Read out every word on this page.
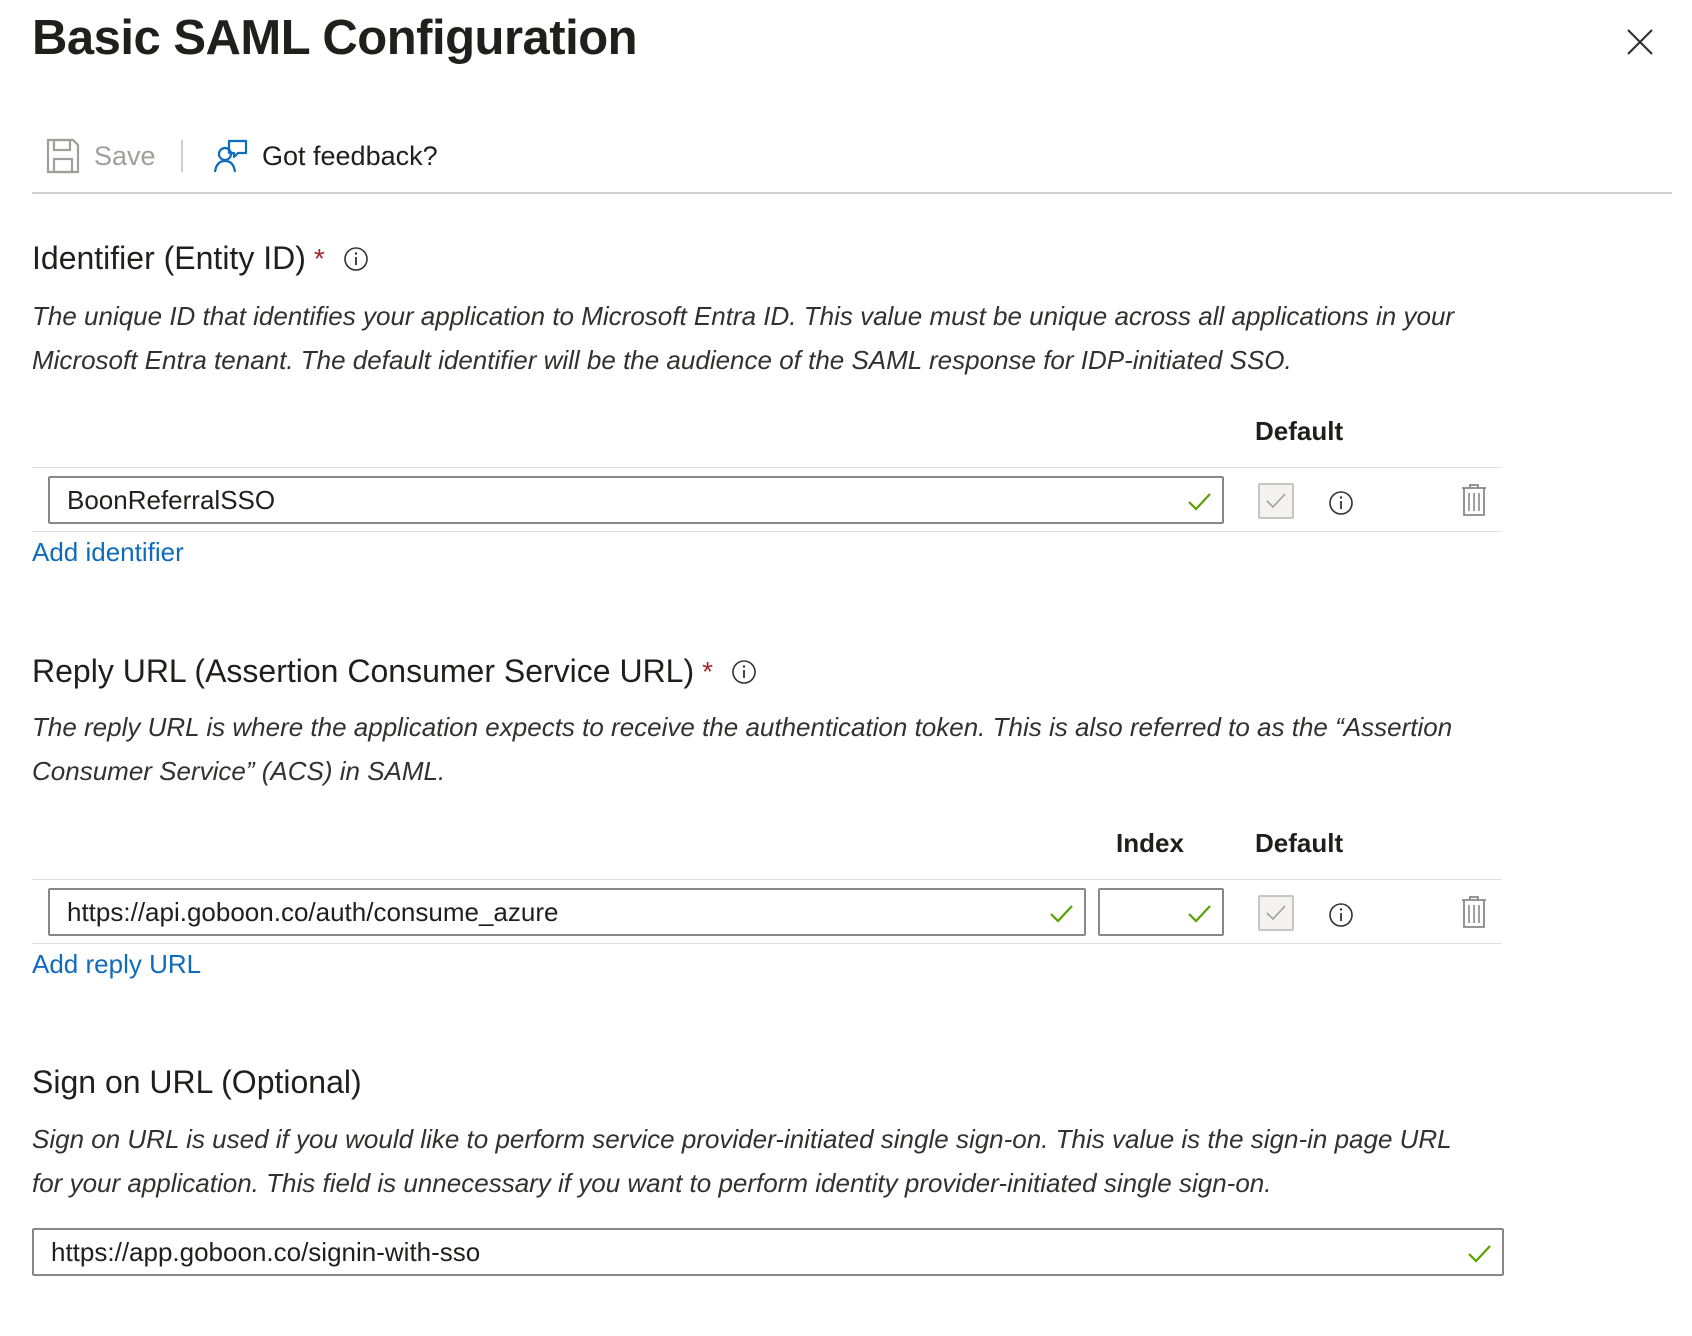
Basic SAML Configuration
Save	Got feedback?
Identifier (Entity ID) *
The unique ID that identifies your application to Microsoft Entra ID. This value must be unique across all applications in your Microsoft Entra tenant. The default identifier will be the audience of the SAML response for IDP-initiated SSO.
Default
BoonReferralSSO
Add identifier
Reply URL (Assertion Consumer Service URL) *
The reply URL is where the application expects to receive the authentication token. This is also referred to as the “Assertion Consumer Service” (ACS) in SAML.
Index	Default
https://api.goboon.co/auth/consume_azure
Add reply URL
Sign on URL (Optional)
Sign on URL is used if you would like to perform service provider-initiated single sign-on. This value is the sign-in page URL for your application. This field is unnecessary if you want to perform identity provider-initiated single sign-on.
https://app.goboon.co/signin-with-sso
